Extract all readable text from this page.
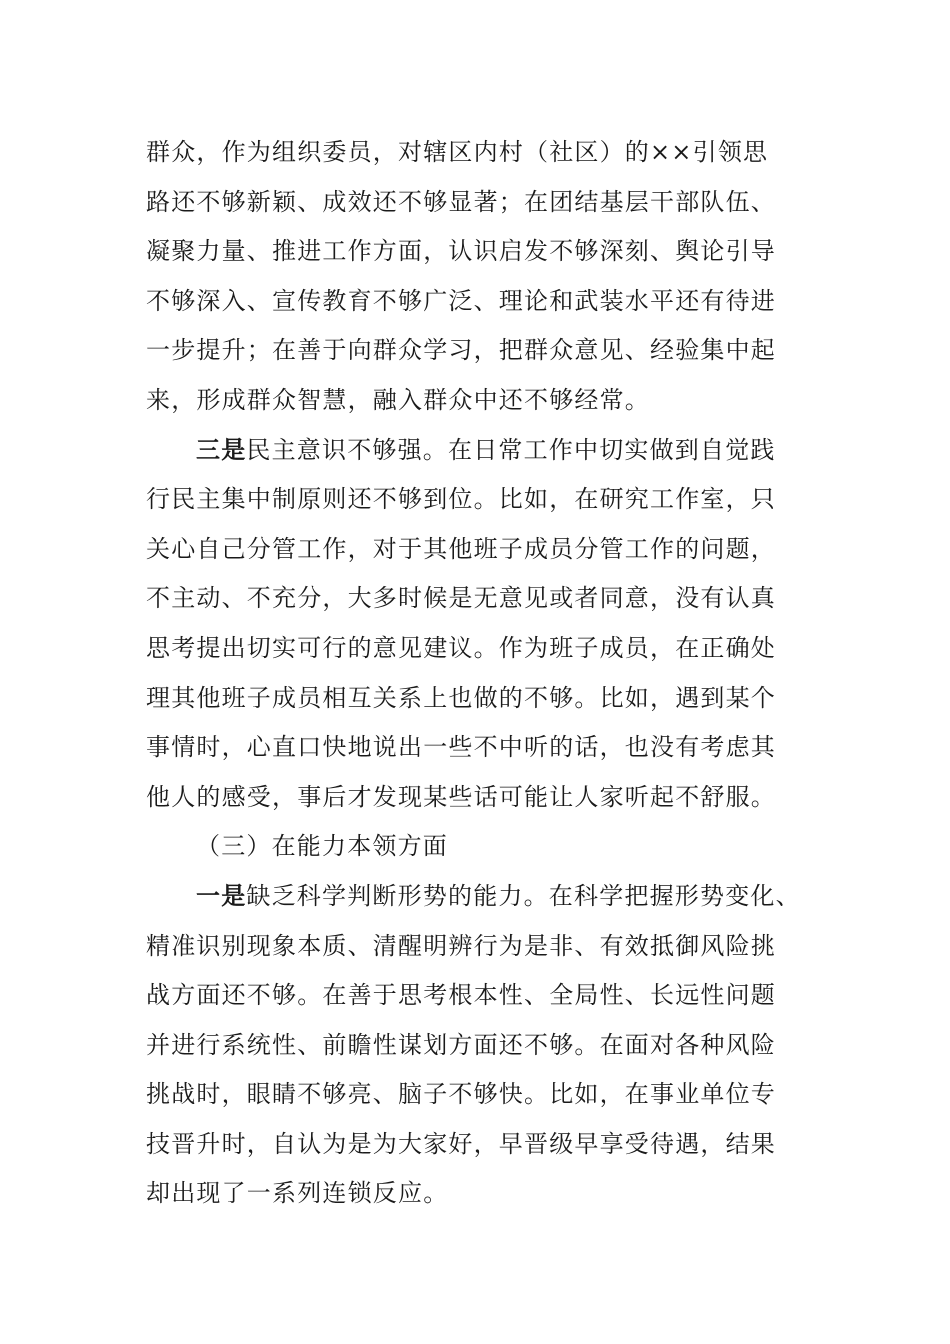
群众，作为组织委员，对辖区内村（社区）的××引领思
路还不够新颖、成效还不够显著；在团结基层干部队伍、
凝聚力量、推进工作方面，认识启发不够深刻、舆论引导
不够深入、宣传教育不够广泛、理论和武装水平还有待进
一步提升；在善于向群众学习，把群众意见、经验集中起
来，形成群众智慧，融入群众中还不够经常。
三是民主意识不够强。在日常工作中切实做到自觉践
行民主集中制原则还不够到位。比如，在研究工作室，只
关心自己分管工作，对于其他班子成员分管工作的问题，
不主动、不充分，大多时候是无意见或者同意，没有认真
思考提出切实可行的意见建议。作为班子成员，在正确处
理其他班子成员相互关系上也做的不够。比如，遇到某个
事情时，心直口快地说出一些不中听的话，也没有考虑其
他人的感受，事后才发现某些话可能让人家听起不舒服。
（三）在能力本领方面
一是缺乏科学判断形势的能力。在科学把握形势变化、
精准识别现象本质、清醒明辨行为是非、有效抵御风险挑
战方面还不够。在善于思考根本性、全局性、长远性问题
并进行系统性、前瞻性谋划方面还不够。在面对各种风险
挑战时，眼睛不够亮、脑子不够快。比如，在事业单位专
技晋升时，自认为是为大家好，早晋级早享受待遇，结果
却出现了一系列连锁反应。
